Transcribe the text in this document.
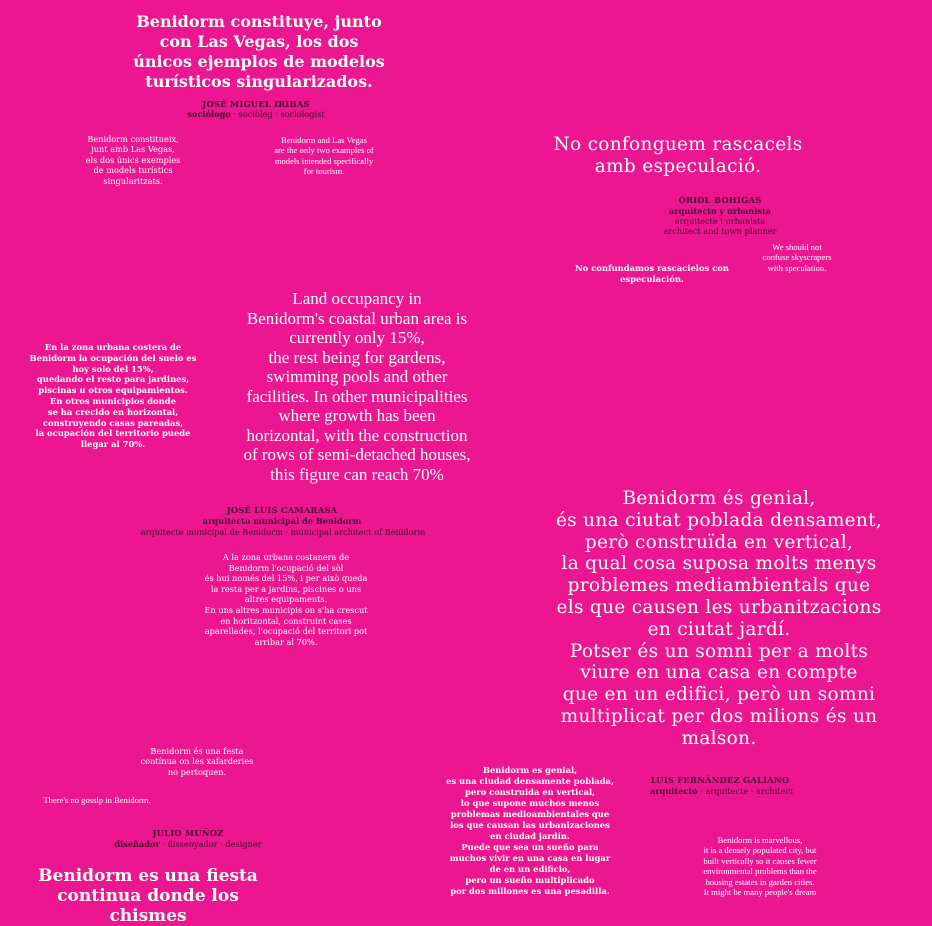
Benidorm constituye, junto
con Las Vegas, los dos
únicos ejemplos de modelos
turísticos singularizados.
JOSÉ MIGUEL IRIBAS
sociólogo · sociòleg · sociologist
Benidorm constitueix,
junt amb Las Vegas,
els dos únics exemples
de models turístics
singularitzats.
Benidorm and Las Vegas
are the only two examples of
models intended specifically
for tourism.
No confonguem rascacels
amb especulació.
ORIOL BOHIGAS
arquitecto y urbanista
arquitecte i urbanista
architect and town planner
We should not
confuse skyscrapers
with speculation.
No confundamos rascacielos con
especulación.
Land occupancy in
Benidorm's coastal urban area is
currently only 15%,
the rest being for gardens,
swimming pools and other
facilities. In other municipalities
where growth has been
horizontal, with the construction
of rows of semi-detached houses,
this figure can reach 70%
En la zona urbana costera de
Benidorm la ocupación del suelo es
hoy solo del 15%,
quedando el resto para jardines,
piscinas u otros equipamientos.
En otros municipios donde
se ha crecido en horizontal,
construyendo casas pareadas,
la ocupación del territorio puede
llegar al 70%.
JOSÉ LUIS CAMARASA
arquitecto municipal de Benidorm
arquitecte municipal de Benidorm · municipal architect of Benidorm
A la zona urbana costanera de
Benidorm l'ocupació del sòl
és hui només del 15%, i per això queda
la resta per a jardins, piscines o uns
altres equipaments.
En uns altres municipis on s'ha crescut
en horitzontal, construint cases
aparellades, l'ocupació del territori pot
arribar al 70%.
Benidorm és genial,
és una ciutat poblada densament,
però construïda en vertical,
la qual cosa suposa molts menys
problemes mediambientals que
els que causen les urbanitzacions
en ciutat jardí.
Potser és un somni per a molts
viure en una casa en compte
que en un edifici, però un somni
multiplicat per dos milions és un
malson.
Benidorm es genial,
es una ciudad densamente poblada,
pero construida en vertical,
lo que supone muchos menos
problemas medioambientales que
los que causan las urbanizaciones
en ciudad jardín.
Puede que sea un sueño para
muchos vivir en una casa en lugar
de en un edificio,
pero un sueño multiplicado
por dos millones es una pesadilla.
LUIS FERNÁNDEZ GALIANO
arquitecto · arquitecte · architect
Benidorm is marvellous,
it is a densely populated city, but
built vertically so it causes fewer
environmental problems than the
housing estates in garden cities.
It might be many people's dream
Benidorm és una festa
contínua on les xafarderies
no pertoquen.
There's no gossip in Benidorm.
JULIO MUÑOZ
diseñador · dissenyador · designer
Benidorm es una fiesta
continua donde los chismes
